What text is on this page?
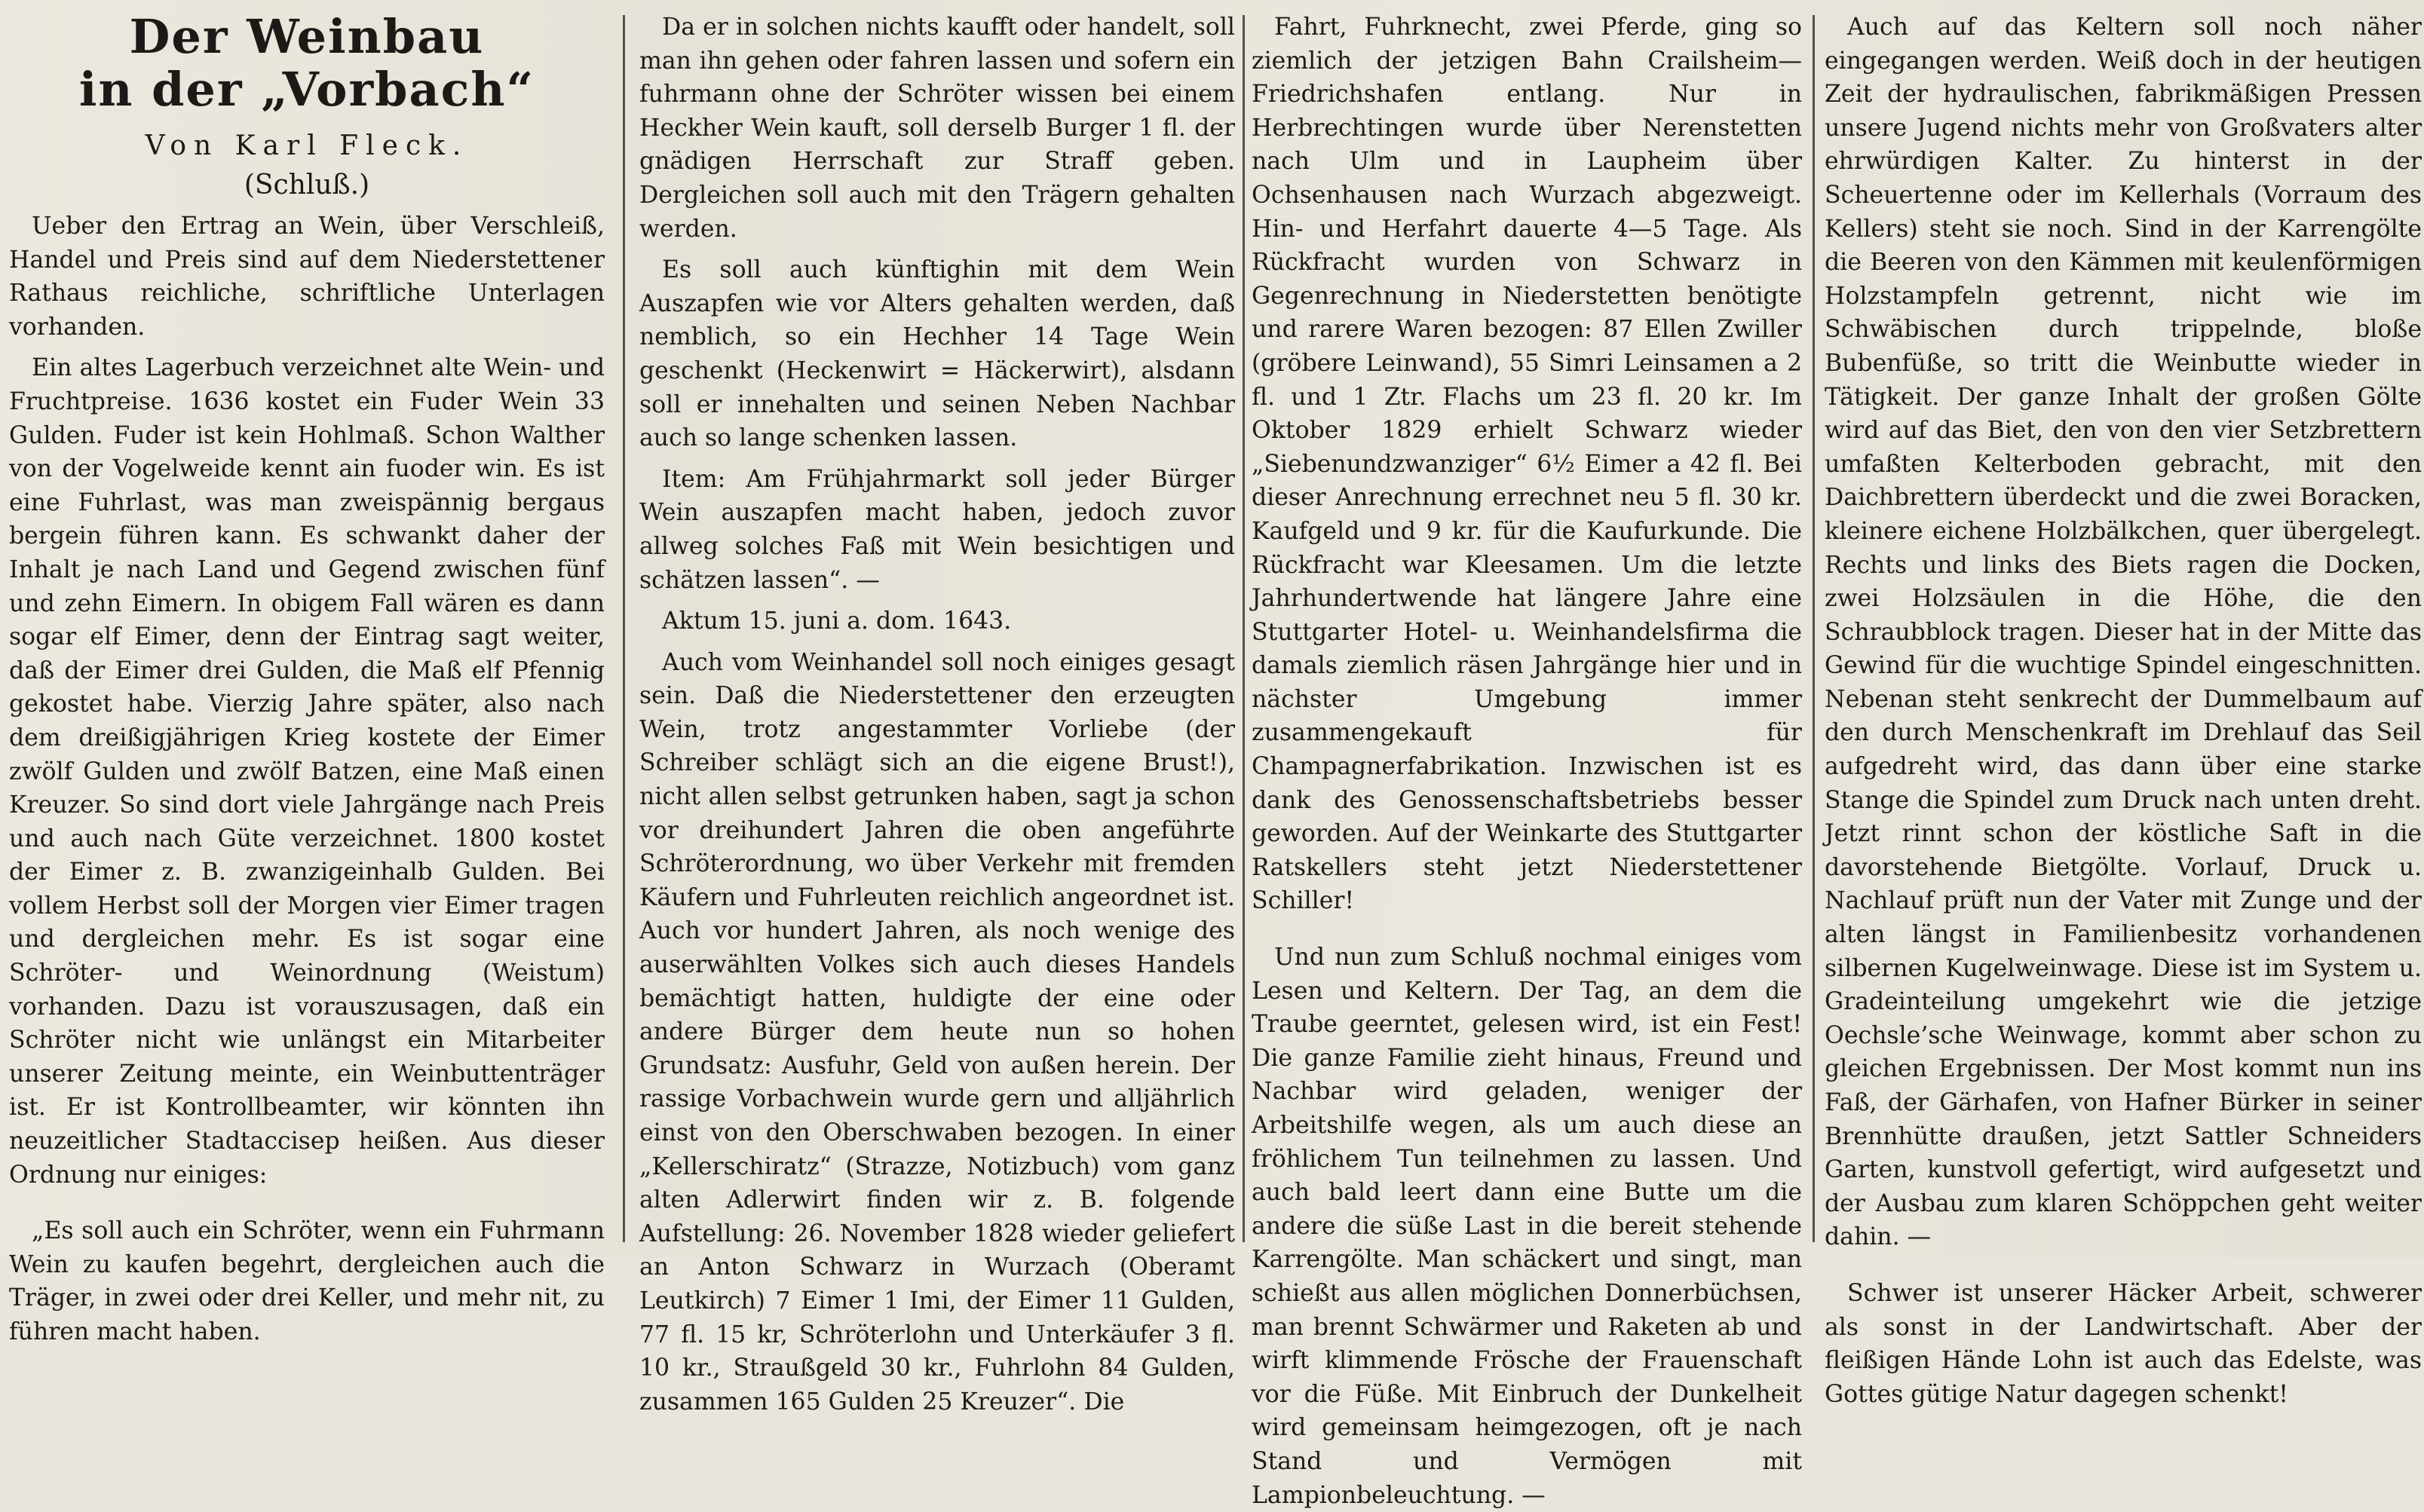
Der Weinbau
in der „Vorbach“
Von Karl Fleck.
(Schluß.)

Ueber den Ertrag an Wein, über Verschleiß, Handel und Preis sind auf dem Niederstettener Rathaus reichliche, schriftliche Unterlagen vorhanden.

Ein altes Lagerbuch verzeichnet alte Wein- und Fruchtpreise. 1636 kostet ein Fuder Wein 33 Gulden. Fuder ist kein Hohlmaß. Schon Walther von der Vogelweide kennt ain fuoder win. Es ist eine Fuhrlast, was man zweispännig bergaus bergein führen kann. Es schwankt daher der Inhalt je nach Land und Gegend zwischen fünf und zehn Eimern. In obigem Fall wären es dann sogar elf Eimer, denn der Eintrag sagt weiter, daß der Eimer drei Gulden, die Maß elf Pfennig gekostet habe. Vierzig Jahre später, also nach dem dreißigjährigen Krieg kostete der Eimer zwölf Gulden und zwölf Batzen, eine Maß einen Kreuzer. So sind dort viele Jahrgänge nach Preis und auch nach Güte verzeichnet. 1800 kostet der Eimer z. B. zwanzigeinhalb Gulden. Bei vollem Herbst soll der Morgen vier Eimer tragen und dergleichen mehr. Es ist sogar eine Schröter- und Weinordnung (Weistum) vorhanden. Dazu ist vorauszusagen, daß ein Schröter nicht wie unlängst ein Mitarbeiter unserer Zeitung meinte, ein Weinbuttenträger ist. Er ist Kontrollbeamter, wir könnten ihn neuzeitlicher Stadtaccisер heißen. Aus dieser Ordnung nur einiges:

„Es soll auch ein Schröter, wenn ein Fuhrmann Wein zu kaufen begehrt, dergleichen auch die Träger, in zwei oder drei Keller, und mehr nit, zu führen macht haben.

Da er in solchen nichts kaufft oder handelt, soll man ihn gehen oder fahren lassen und sofern ein fuhrmann ohne der Schröter wissen bei einem Heckher Wein kauft, soll derselb Burger 1 fl. der gnädigen Herrschaft zur Straff geben. Dergleichen soll auch mit den Trägern gehalten werden.

Es soll auch künftighin mit dem Wein Auszapfen wie vor Alters gehalten werden, daß nemblich, so ein Hechher 14 Tage Wein geschenkt (Heckenwirt = Häckerwirt), alsdann soll er innehalten und seinen Neben Nachbar auch so lange schenken lassen.

Item: Am Frühjahrmarkt soll jeder Bürger Wein auszapfen macht haben, jedoch zuvor allweg solches Faß mit Wein besichtigen und schätzen lassen“. —

Aktum 15. juni a. dom. 1643.

Auch vom Weinhandel soll noch einiges gesagt sein. Daß die Niederstettener den erzeugten Wein, trotz angestammter Vorliebe (der Schreiber schlägt sich an die eigene Brust!), nicht allen selbst getrunken haben, sagt ja schon vor dreihundert Jahren die oben angeführte Schröterordnung, wo über Verkehr mit fremden Käufern und Fuhrleuten reichlich angeordnet ist. Auch vor hundert Jahren, als noch wenige des auserwählten Volkes sich auch dieses Handels bemächtigt hatten, huldigte der eine oder andere Bürger dem heute nun so hohen Grundsatz: Ausfuhr, Geld von außen herein. Der rassige Vorbachwein wurde gern und alljährlich einst von den Oberschwaben bezogen. In einer „Kellerschiratz“ (Strazze, Notizbuch) vom ganz alten Adlerwirt finden wir z. B. folgende Aufstellung: 26. November 1828 wieder geliefert an Anton Schwarz in Wurzach (Oberamt Leutkirch) 7 Eimer 1 Imi, der Eimer 11 Gulden, 77 fl. 15 kr, Schröterlohn und Unterkäufer 3 fl. 10 kr., Straußgeld 30 kr., Fuhrlohn 84 Gulden, zusammen 165 Gulden 25 Kreuzer“. Die

Fahrt, Fuhrknecht, zwei Pferde, ging so ziemlich der jetzigen Bahn Crailsheim—Friedrichshafen entlang. Nur in Herbrechtingen wurde über Nerenstetten nach Ulm und in Laupheim über Ochsenhausen nach Wurzach abgezweigt. Hin- und Herfahrt dauerte 4—5 Tage. Als Rückfracht wurden von Schwarz in Gegenrechnung in Niederstetten benötigte und rarere Waren bezogen: 87 Ellen Zwiller (gröbere Leinwand), 55 Simri Leinsamen a 2 fl. und 1 Ztr. Flachs um 23 fl. 20 kr. Im Oktober 1829 erhielt Schwarz wieder „Siebenundzwanziger“ 6½ Eimer a 42 fl. Bei dieser Anrechnung errechnet neu 5 fl. 30 kr. Kaufgeld und 9 kr. für die Kaufurkunde. Die Rückfracht war Kleesamen. Um die letzte Jahrhundertwende hat längere Jahre eine Stuttgarter Hotel- u. Weinhandelsfirma die damals ziemlich räsen Jahrgänge hier und in nächster Umgebung immer zusammengekauft für Champagnerfabrikation. Inzwischen ist es dank des Genossenschaftsbetriebs besser geworden. Auf der Weinkarte des Stuttgarter Ratskellers steht jetzt Niederstettener Schiller!

Und nun zum Schluß nochmal einiges vom Lesen und Keltern. Der Tag, an dem die Traube geerntet, gelesen wird, ist ein Fest! Die ganze Familie zieht hinaus, Freund und Nachbar wird geladen, weniger der Arbeitshilfe wegen, als um auch diese an fröhlichem Tun teilnehmen zu lassen. Und auch bald leert dann eine Butte um die andere die süße Last in die bereit stehende Karrengölte. Man schäckert und singt, man schießt aus allen möglichen Donnerbüchsen, man brennt Schwärmer und Raketen ab und wirft klimmende Frösche der Frauenschaft vor die Füße. Mit Einbruch der Dunkelheit wird gemeinsam heimgezogen, oft je nach Stand und Vermögen mit Lampionbeleuchtung. —

Auch auf das Keltern soll noch näher eingegangen werden. Weiß doch in der heutigen Zeit der hydraulischen, fabrikmäßigen Pressen unsere Jugend nichts mehr von Großvaters alter ehrwürdigen Kalter. Zu hinterst in der Scheuertenne oder im Kellerhals (Vorraum des Kellers) steht sie noch. Sind in der Karrengölte die Beeren von den Kämmen mit keulenförmigen Holzstampfeln getrennt, nicht wie im Schwäbischen durch trippelnde, bloße Bubenfüße, so tritt die Weinbutte wieder in Tätigkeit. Der ganze Inhalt der großen Gölte wird auf das Biet, den von den vier Setzbrettern umfaßten Kelterboden gebracht, mit den Daichbrettern überdeckt und die zwei Boracken, kleinere eichene Holzbälkchen, quer übergelegt. Rechts und links des Biets ragen die Docken, zwei Holzsäulen in die Höhe, die den Schraubblock tragen. Dieser hat in der Mitte das Gewind für die wuchtige Spindel eingeschnitten. Nebenan steht senkrecht der Dummelbaum auf den durch Menschenkraft im Drehlauf das Seil aufgedreht wird, das dann über eine starke Stange die Spindel zum Druck nach unten dreht. Jetzt rinnt schon der köstliche Saft in die davorstehende Bietgölte. Vorlauf, Druck u. Nachlauf prüft nun der Vater mit Zunge und der alten längst in Familienbesitz vorhandenen silbernen Kugelweinwage. Diese ist im System u. Gradeinteilung umgekehrt wie die jetzige Oechsle’sche Weinwage, kommt aber schon zu gleichen Ergebnissen. Der Most kommt nun ins Faß, der Gärhafen, von Hafner Bürker in seiner Brennhütte draußen, jetzt Sattler Schneiders Garten, kunstvoll gefertigt, wird aufgesetzt und der Ausbau zum klaren Schöppchen geht weiter dahin. —

Schwer ist unserer Häcker Arbeit, schwerer als sonst in der Landwirtschaft. Aber der fleißigen Hände Lohn ist auch das Edelste, was Gottes gütige Natur dagegen schenkt!
